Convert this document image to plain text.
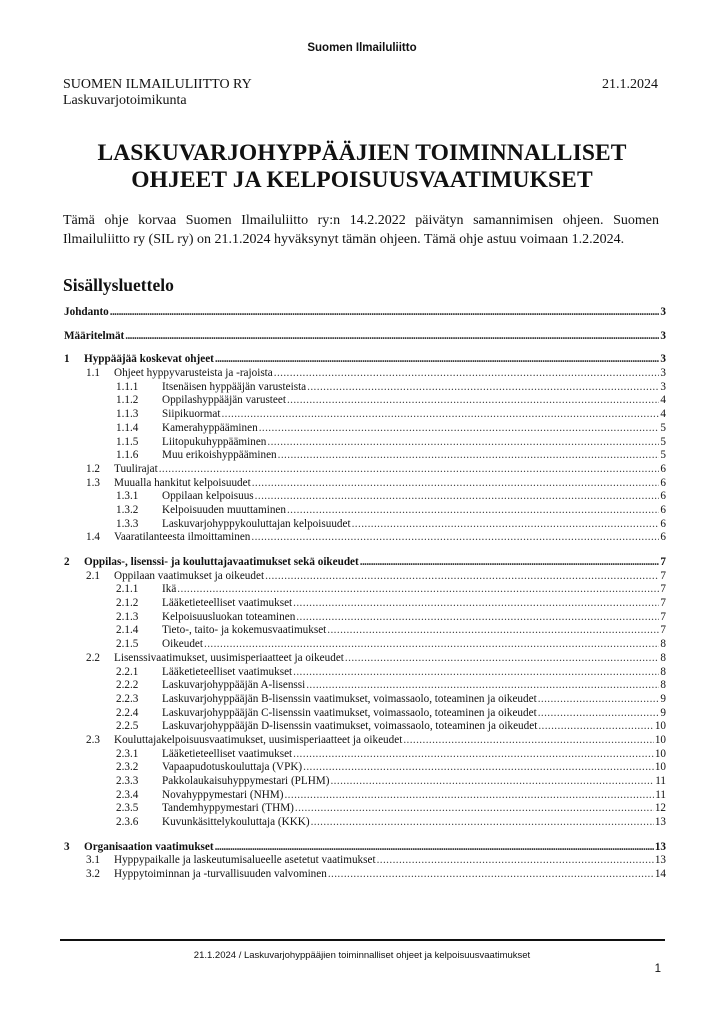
Suomen Ilmailuliitto
SUOMEN ILMAILULIITTO RY
Laskuvarjotoimikunta
21.1.2024
LASKUVARJOHYPPÄÄJIEN TOIMINNALLISET
OHJEET JA KELPOISUUSVAATIMUKSET
Tämä ohje korvaa Suomen Ilmailuliitto ry:n 14.2.2022 päivätyn samannimisen ohjeen. Suomen Ilmailuliitto ry (SIL ry) on 21.1.2024 hyväksynyt tämän ohjeen. Tämä ohje astuu voimaan 1.2.2024.
Sisällysluettelo
Johdanto .....	3
Määritelmät .....	3
1	Hyppääjää koskevat ohjeet .....	3
1.1	Ohjeet hyppyvarusteista ja -rajoista .....	3
1.1.1	Itsenäisen hyppääjän varusteista .....	3
1.1.2	Oppilashyppääjän varusteet .....	4
1.1.3	Siipikuormat .....	4
1.1.4	Kamerahyppääminen .....	5
1.1.5	Liitopukuhyppääminen .....	5
1.1.6	Muu erikoishyppääminen .....	5
1.2	Tuulirajat .....	6
1.3	Muualla hankitut kelpoisuudet .....	6
1.3.1	Oppilaan kelpoisuus .....	6
1.3.2	Kelpoisuuden muuttaminen .....	6
1.3.3	Laskuvarjohyppykouluttajan kelpoisuudet .....	6
1.4	Vaaratilanteesta ilmoittaminen .....	6
2	Oppilas-, lisenssi- ja kouluttajavaatimukset sekä oikeudet .....	7
2.1	Oppilaan vaatimukset ja oikeudet .....	7
2.1.1	Ikä .....	7
2.1.2	Lääketieteelliset vaatimukset .....	7
2.1.3	Kelpoisuusluokan toteaminen .....	7
2.1.4	Tieto-, taito- ja kokemusvaatimukset .....	7
2.1.5	Oikeudet .....	8
2.2	Lisenssivaatimukset, uusimisperiaatteet ja oikeudet .....	8
2.2.1	Lääketieteelliset vaatimukset .....	8
2.2.2	Laskuvarjohyppääjän A-lisenssi .....	8
2.2.3	Laskuvarjohyppääjän B-lisenssin vaatimukset, voimassaolo, toteaminen ja oikeudet .....	9
2.2.4	Laskuvarjohyppääjän C-lisenssin vaatimukset, voimassaolo, toteaminen ja oikeudet .....	9
2.2.5	Laskuvarjohyppääjän D-lisenssin vaatimukset, voimassaolo, toteaminen ja oikeudet .....	10
2.3	Kouluttajakelpoisuusvaatimukset, uusimisperiaatteet ja oikeudet .....	10
2.3.1	Lääketieteelliset vaatimukset .....	10
2.3.2	Vapaapudotuskouluttaja (VPK) .....	10
2.3.3	Pakkolaukaisuhyppymestari (PLHM) .....	11
2.3.4	Novahyppymestari (NHM) .....	11
2.3.5	Tandemhyppymestari (THM) .....	12
2.3.6	Kuvunkäsittelykouluttaja (KKK) .....	13
3	Organisaation vaatimukset .....	13
3.1	Hyppypaikalle ja laskeutumisalueelle asetetut vaatimukset .....	13
3.2	Hyppytoiminnan ja -turvallisuuden valvominen .....	14
21.1.2024 / Laskuvarjohyppääjien toiminnalliset ohjeet ja kelpoisuusvaatimukset
1
